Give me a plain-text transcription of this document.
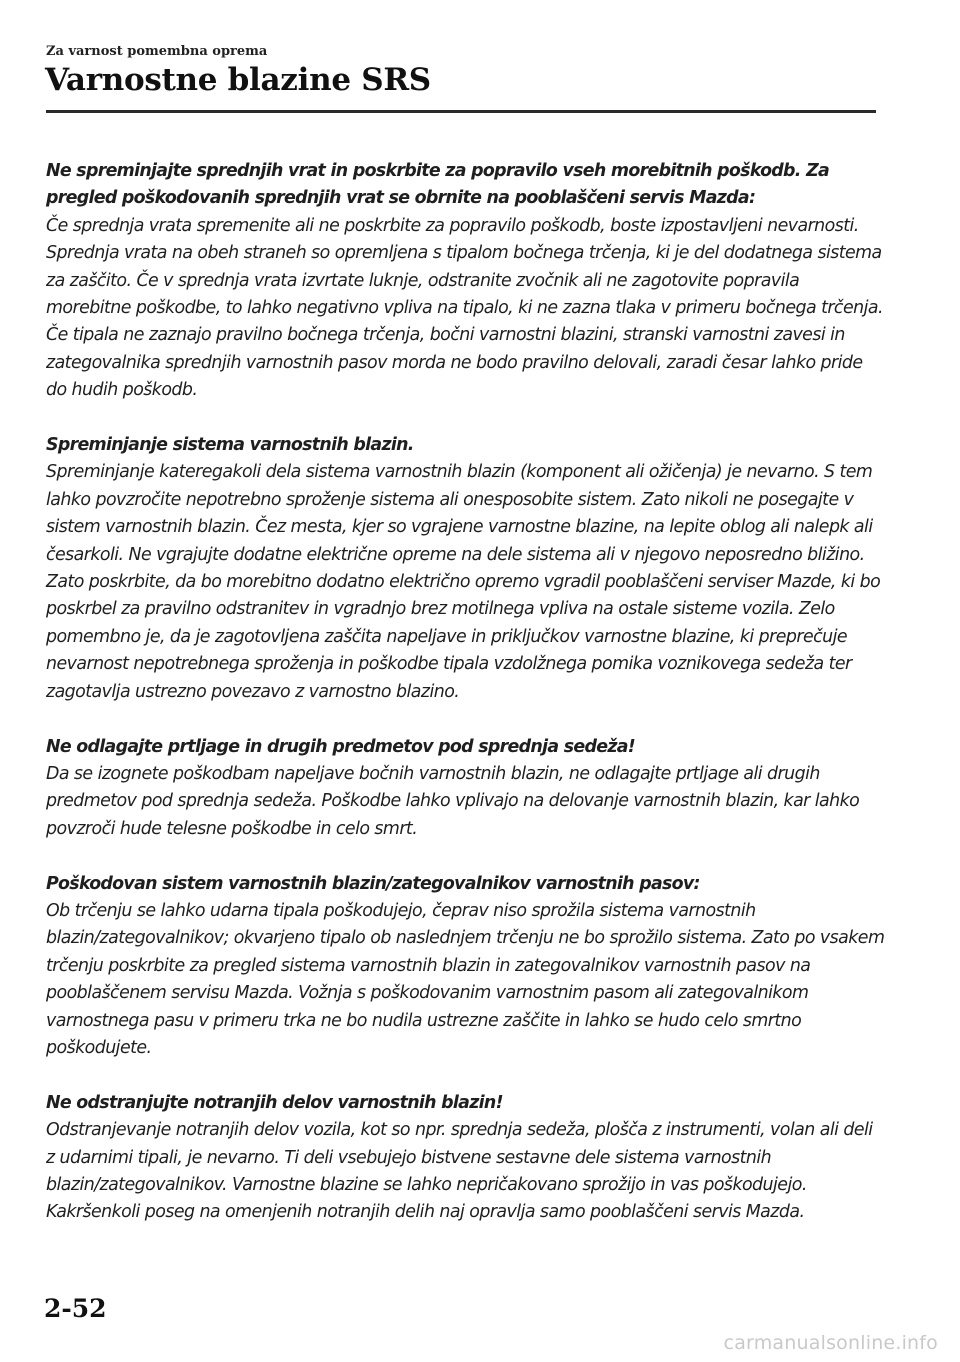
Za varnost pomembna oprema
Varnostne blazine SRS
Ne spreminjajte sprednjih vrat in poskrbite za popravilo vseh morebitnih poškodb. Za pregled poškodovanih sprednjih vrat se obrnite na pooblaščeni servis Mazda:
Če sprednja vrata spremenite ali ne poskrbite za popravilo poškodb, boste izpostavljeni nevarnosti. Sprednja vrata na obeh straneh so opremljena s tipalom bočnega trčenja, ki je del dodatnega sistema za zaščito. Če v sprednja vrata izvrtate luknje, odstranite zvočnik ali ne zagotovite popravila morebitne poškodbe, to lahko negativno vpliva na tipalo, ki ne zazna tlaka v primeru bočnega trčenja. Če tipala ne zaznajo pravilno bočnega trčenja, bočni varnostni blazini, stranski varnostni zavesi in zategovalnika sprednjih varnostnih pasov morda ne bodo pravilno delovali, zaradi česar lahko pride do hudih poškodb.
Spreminjanje sistema varnostnih blazin.
Spreminjanje kateregakoli dela sistema varnostnih blazin (komponent ali ožičenja) je nevarno. S tem lahko povzročite nepotrebno sproženje sistema ali onesposobite sistem. Zato nikoli ne posegajte v sistem varnostnih blazin. Čez mesta, kjer so vgrajene varnostne blazine, na lepite oblog ali nalepk ali česarkoli. Ne vgrajujte dodatne električne opreme na dele sistema ali v njegovo neposredno bližino. Zato poskrbite, da bo morebitno dodatno električno opremo vgradil pooblaščeni serviser Mazde, ki bo poskrbel za pravilno odstranitev in vgradnjo brez motilnega vpliva na ostale sisteme vozila. Zelo pomembno je, da je zagotovljena zaščita napeljave in priključkov varnostne blazine, ki preprečuje nevarnost nepotrebnega sproženja in poškodbe tipala vzdolžnega pomika voznikovega sedeža ter zagotavlja ustrezno povezavo z varnostno blazino.
Ne odlagajte prtljage in drugih predmetov pod sprednja sedeža!
Da se izognete poškodbam napeljave bočnih varnostnih blazin, ne odlagajte prtljage ali drugih predmetov pod sprednja sedeža. Poškodbe lahko vplivajo na delovanje varnostnih blazin, kar lahko povzroči hude telesne poškodbe in celo smrt.
Poškodovan sistem varnostnih blazin/zategovalnikov varnostnih pasov:
Ob trčenju se lahko udarna tipala poškodujejo, čeprav niso sprožila sistema varnostnih blazin/zategovalnikov; okvarjeno tipalo ob naslednjem trčenju ne bo sprožilo sistema. Zato po vsakem trčenju poskrbite za pregled sistema varnostnih blazin in zategovalnikov varnostnih pasov na pooblaščenem servisu Mazda. Vožnja s poškodovanim varnostnim pasom ali zategovalnikom varnostnega pasu v primeru trka ne bo nudila ustrezne zaščite in lahko se hudo celo smrtno poškodujete.
Ne odstranjujte notranjih delov varnostnih blazin!
Odstranjevanje notranjih delov vozila, kot so npr. sprednja sedeža, plošča z instrumenti, volan ali deli z udarnimi tipali, je nevarno. Ti deli vsebujejo bistvene sestavne dele sistema varnostnih blazin/zategovalnikov. Varnostne blazine se lahko nepričakovano sprožijo in vas poškodujejo. Kakršenkoli poseg na omenjenih notranjih delih naj opravlja samo pooblaščeni servis Mazda.
2-52
carmanualsonline.info
